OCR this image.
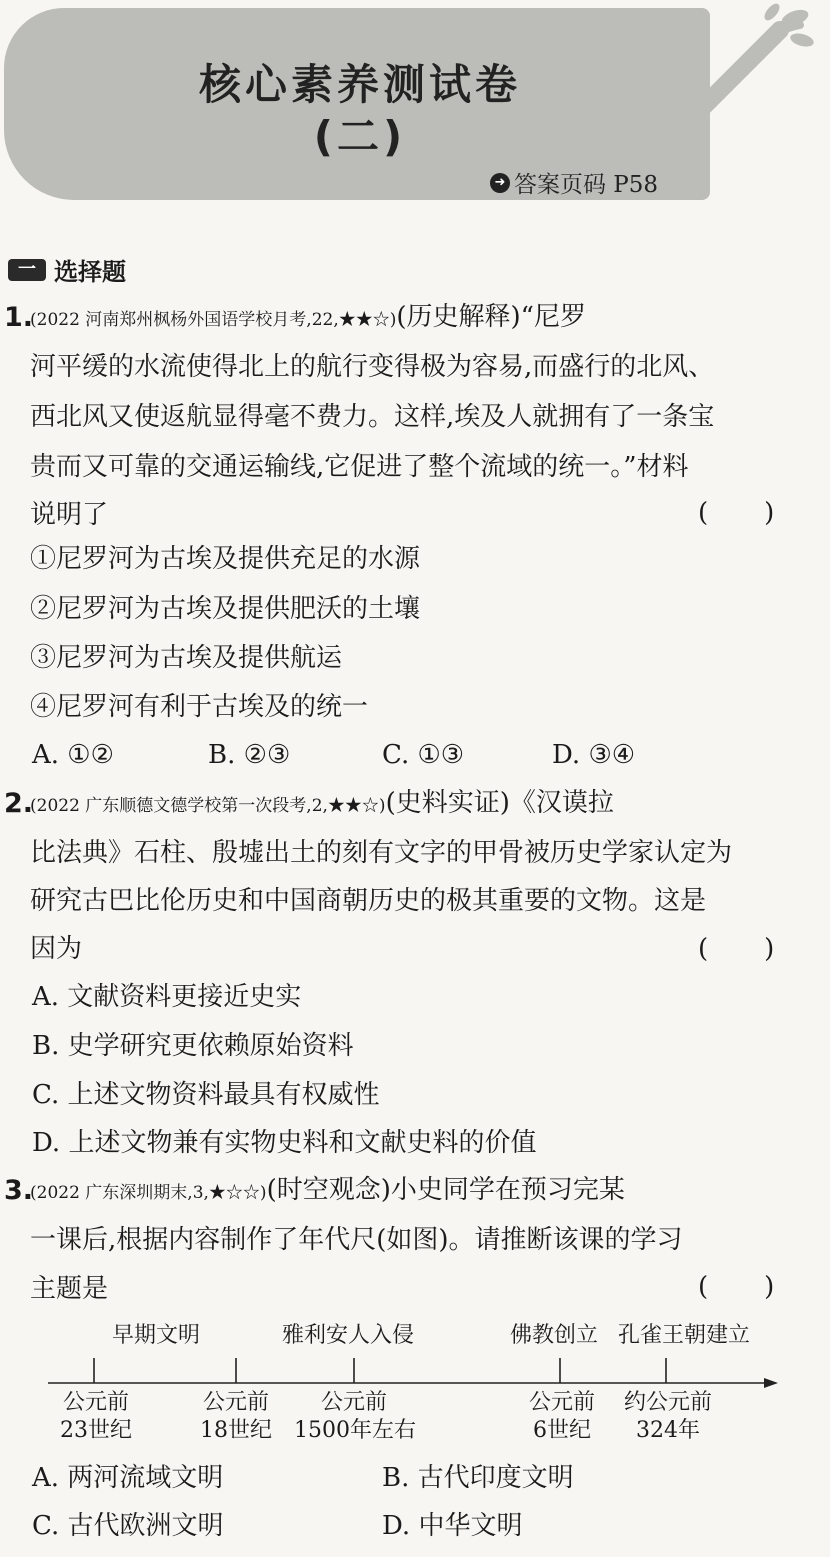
核心素养测试卷
(二)
➜ 答案页码 P58
一 选择题
1.
(2022 河南郑州枫杨外国语学校月考,22,★★☆)(历史解释)“尼罗
河平缓的水流使得北上的航行变得极为容易,而盛行的北风、
西北风又使返航显得毫不费力。这样,埃及人就拥有了一条宝
贵而又可靠的交通运输线,它促进了整个流域的统一。”材料
说明了	()
①尼罗河为古埃及提供充足的水源
②尼罗河为古埃及提供肥沃的土壤
③尼罗河为古埃及提供航运
④尼罗河有利于古埃及的统一
A. ①②	B. ②③	C. ①③	D. ③④
2.
(2022 广东顺德文德学校第一次段考,2,★★☆)(史料实证)《汉谟拉
比法典》石柱、殷墟出土的刻有文字的甲骨被历史学家认定为
研究古巴比伦历史和中国商朝历史的极其重要的文物。这是
因为	()
A. 文献资料更接近史实
B. 史学研究更依赖原始资料
C. 上述文物资料最具有权威性
D. 上述文物兼有实物史料和文献史料的价值
3.
(2022 广东深圳期末,3,★☆☆)(时空观念)小史同学在预习完某
一课后,根据内容制作了年代尺(如图)。请推断该课的学习
主题是	()
早期文明	雅利安人入侵	佛教创立 孔雀王朝建立
公元前
23世纪
公元前
18世纪
公元前
1500年左右
公元前
6世纪
约公元前
324年
A. 两河流域文明	B. 古代印度文明
C. 古代欧洲文明	D. 中华文明
